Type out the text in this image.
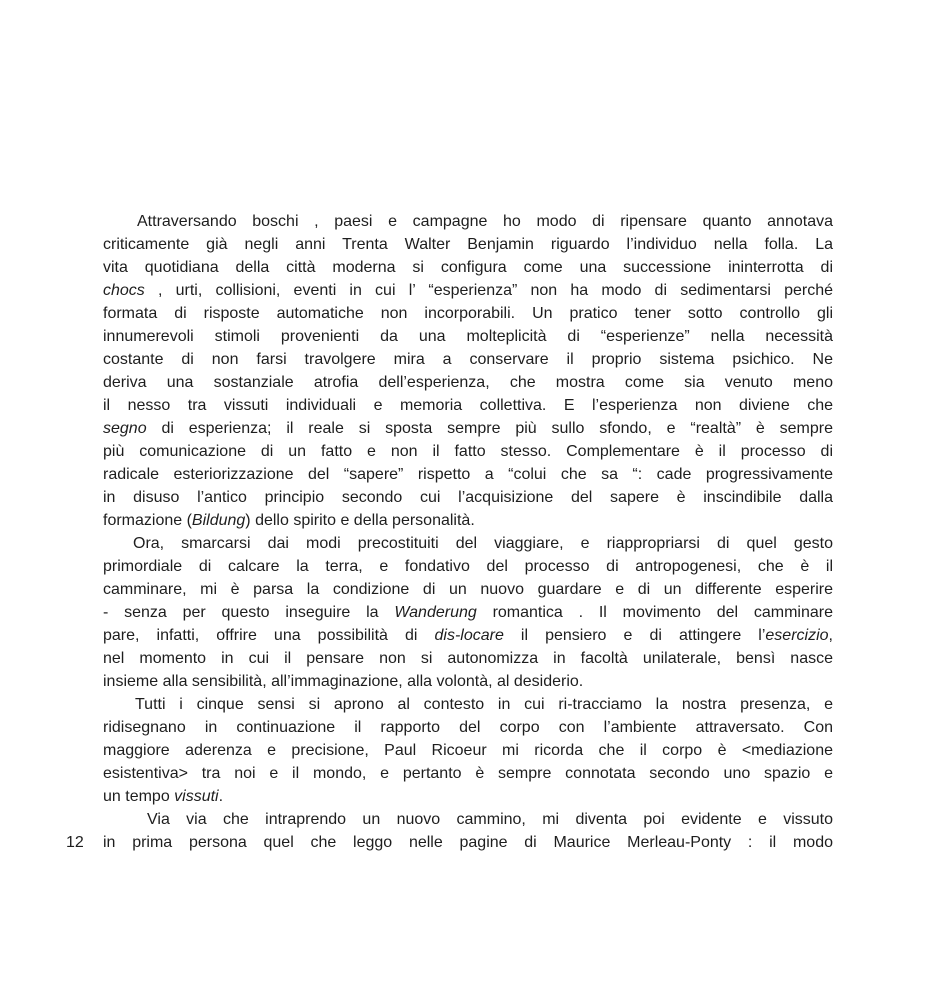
12
Attraversando boschi , paesi e campagne ho modo di ripensare quanto annotava
criticamente già negli anni Trenta Walter Benjamin riguardo l’individuo nella folla. La
vita quotidiana della città moderna si configura come una successione ininterrotta di
chocs , urti, collisioni, eventi in cui l’ “esperienza” non ha modo di sedimentarsi perché
formata di risposte automatiche non incorporabili. Un pratico tener sotto controllo gli
innumerevoli stimoli provenienti da una molteplicità di “esperienze” nella necessità
costante di non farsi travolgere mira a conservare il proprio sistema psichico. Ne
deriva una sostanziale atrofia dell’esperienza, che mostra come sia venuto meno
il nesso tra vissuti individuali e memoria collettiva. E l’esperienza non diviene che
segno di esperienza; il reale si sposta sempre più sullo sfondo, e “realtà” è sempre
più comunicazione di un fatto e non il fatto stesso. Complementare è il processo di
radicale esteriorizzazione del “sapere” rispetto a “colui che sa “: cade progressivamente
in disuso l’antico principio secondo cui l’acquisizione del sapere è inscindibile dalla
formazione (Bildung) dello spirito e della personalità.
Ora, smarcarsi dai modi precostituiti del viaggiare, e riappropriarsi di quel gesto
primordiale di calcare la terra, e fondativo del processo di antropogenesi, che è il
camminare, mi è parsa la condizione di un nuovo guardare e di un differente esperire
- senza per questo inseguire la Wanderung romantica . Il movimento del camminare
pare, infatti, offrire una possibilità di dis-locare il pensiero e di attingere l’esercizio,
nel momento in cui il pensare non si autonomizza in facoltà unilaterale, bensì nasce
insieme alla sensibilità, all’immaginazione, alla volontà, al desiderio.
Tutti i cinque sensi si aprono al contesto in cui ri-tracciamo la nostra presenza, e
ridisegnano in continuazione il rapporto del corpo con l’ambiente attraversato. Con
maggiore aderenza e precisione, Paul Ricoeur mi ricorda che il corpo è <mediazione
esistentiva> tra noi e il mondo, e pertanto è sempre connotata secondo uno spazio e
un tempo vissuti.
Via via che intraprendo un nuovo cammino, mi diventa poi evidente e vissuto
in prima persona quel che leggo nelle pagine di Maurice Merleau-Ponty : il modo
